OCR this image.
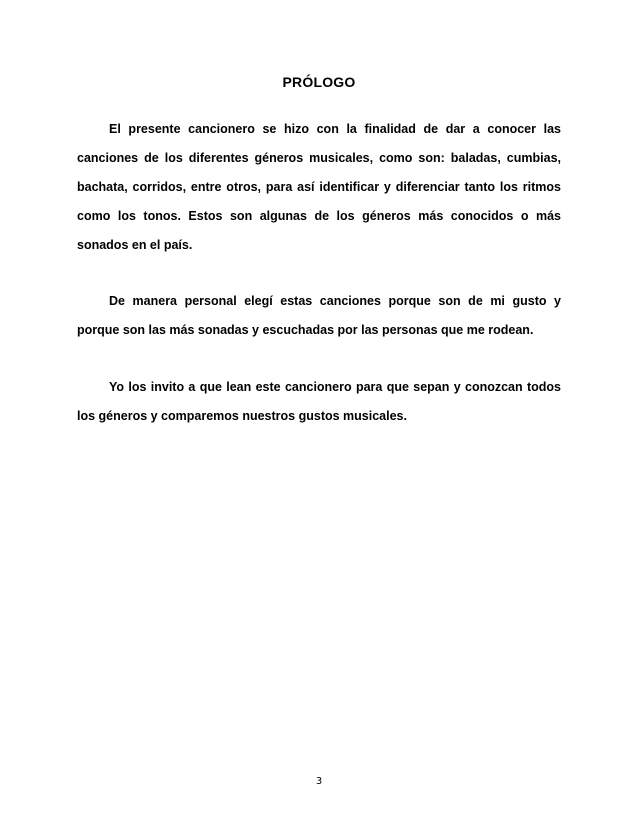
PRÓLOGO

El presente cancionero se hizo con la finalidad de dar a conocer las canciones de los diferentes géneros musicales, como son: baladas, cumbias, bachata, corridos, entre otros, para así identificar y diferenciar tanto los ritmos como los tonos. Estos son algunas de los géneros más conocidos o más sonados en el país.

De manera personal elegí estas canciones porque son de mi gusto y porque son las más sonadas y escuchadas por las personas que me rodean.

Yo los invito a que lean este cancionero para que sepan y conozcan todos los géneros y comparemos nuestros gustos musicales.

3
